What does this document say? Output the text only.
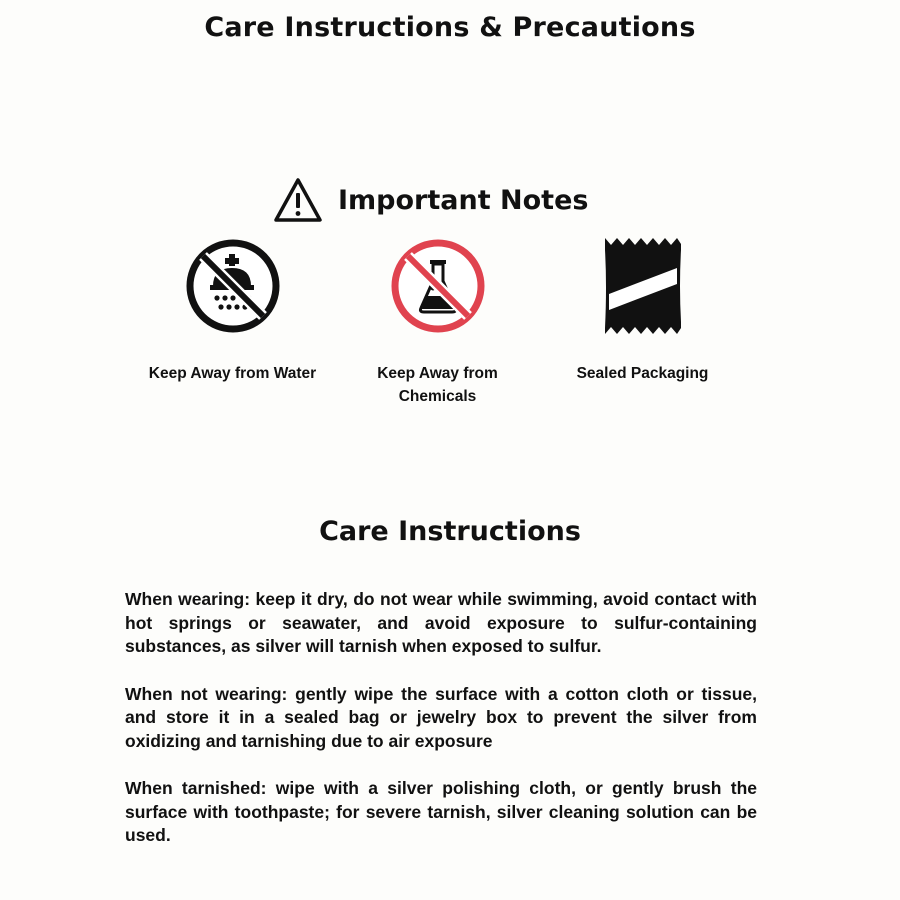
Care Instructions & Precautions
Important Notes
Keep Away from Water	Keep Away from Chemicals
Sealed Packaging
Care Instructions

When wearing: keep it dry, do not wear while swimming, avoid contact with hot springs or seawater, and avoid exposure to sulfur-containing substances, as silver will tarnish when exposed to sulfur.

When not wearing: gently wipe the surface with a cotton cloth or tissue, and store it in a sealed bag or jewelry box to prevent the silver from oxidizing and tarnishing due to air exposure

When tarnished: wipe with a silver polishing cloth, or gently brush the surface with toothpaste; for severe tarnish, silver cleaning solution can be used.
